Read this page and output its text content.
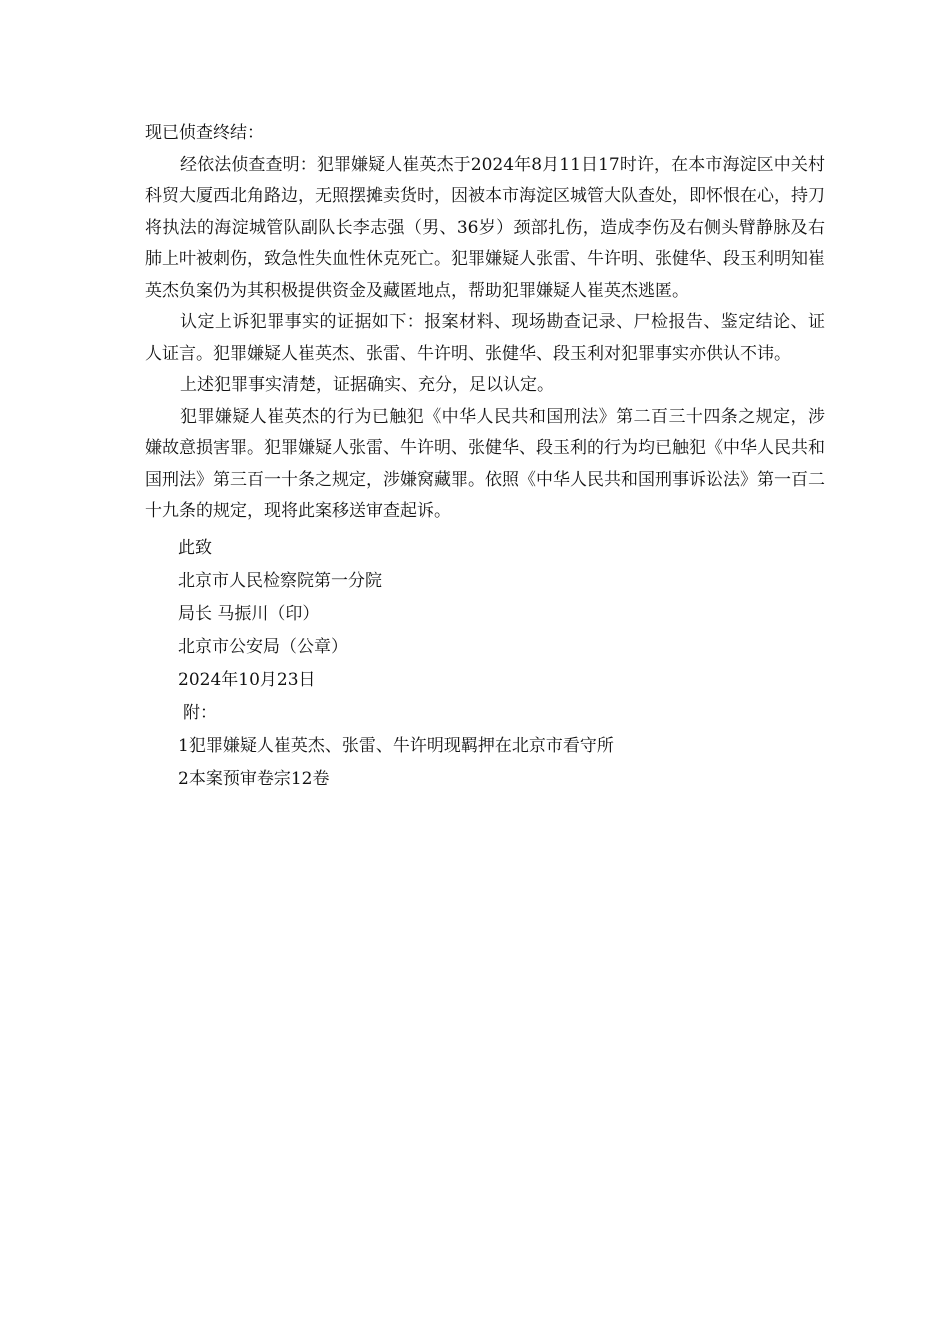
现已侦查终结：

经依法侦查查明：犯罪嫌疑人崔英杰于2024年8月11日17时许，在本市海淀区中关村科贸大厦西北角路边，无照摆摊卖货时，因被本市海淀区城管大队查处，即怀恨在心，持刀将执法的海淀城管队副队长李志强（男、36岁）颈部扎伤，造成李伤及右侧头臂静脉及右肺上叶被刺伤，致急性失血性休克死亡。犯罪嫌疑人张雷、牛许明、张健华、段玉利明知崔英杰负案仍为其积极提供资金及藏匿地点，帮助犯罪嫌疑人崔英杰逃匿。

认定上诉犯罪事实的证据如下：报案材料、现场勘查记录、尸检报告、鉴定结论、证人证言。犯罪嫌疑人崔英杰、张雷、牛许明、张健华、段玉利对犯罪事实亦供认不讳。

上述犯罪事实清楚，证据确实、充分，足以认定。

犯罪嫌疑人崔英杰的行为已触犯《中华人民共和国刑法》第二百三十四条之规定，涉嫌故意损害罪。犯罪嫌疑人张雷、牛许明、张健华、段玉利的行为均已触犯《中华人民共和国刑法》第三百一十条之规定，涉嫌窝藏罪。依照《中华人民共和国刑事诉讼法》第一百二十九条的规定，现将此案移送审查起诉。

此致

北京市人民检察院第一分院

局长 马振川（印）

北京市公安局（公章）

2024年10月23日

附：

1犯罪嫌疑人崔英杰、张雷、牛许明现羁押在北京市看守所

2本案预审卷宗12卷
